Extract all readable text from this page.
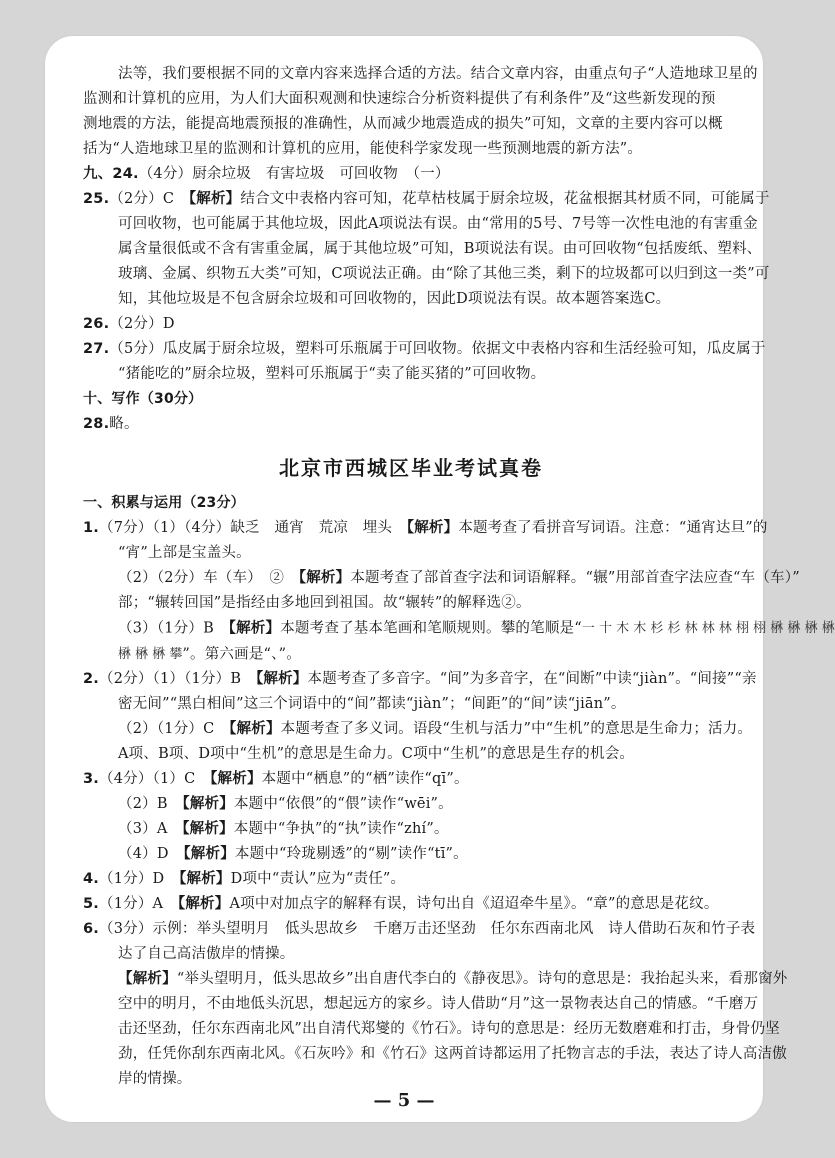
法等，我们要根据不同的文章内容来选择合适的方法。结合文章内容，由重点句子“人造地球卫星的

监测和计算机的应用，为人们大面积观测和快速综合分析资料提供了有利条件”及“这些新发现的预

测地震的方法，能提高地震预报的准确性，从而减少地震造成的损失”可知，文章的主要内容可以概

括为“人造地球卫星的监测和计算机的应用，能使科学家发现一些预测地震的新方法”。

九、24.（4分）厨余垃圾　有害垃圾　可回收物　（一）

25.（2分）C　【解析】结合文中表格内容可知，花草枯枝属于厨余垃圾，花盆根据其材质不同，可能属于

可回收物，也可能属于其他垃圾，因此A项说法有误。由“常用的5号、7号等一次性电池的有害重金

属含量很低或不含有害重金属，属于其他垃圾”可知，B项说法有误。由可回收物“包括废纸、塑料、

玻璃、金属、织物五大类”可知，C项说法正确。由“除了其他三类，剩下的垃圾都可以归到这一类”可

知，其他垃圾是不包含厨余垃圾和可回收物的，因此D项说法有误。故本题答案选C。

26.（2分）D

27.（5分）瓜皮属于厨余垃圾，塑料可乐瓶属于可回收物。依据文中表格内容和生活经验可知，瓜皮属于

“猪能吃的”厨余垃圾，塑料可乐瓶属于“卖了能买猪的”可回收物。

十、写作（30分）

28.略。

北京市西城区毕业考试真卷

一、积累与运用（23分）

1.（7分）（1）（4分）缺乏　通宵　荒凉　埋头　【解析】本题考查了看拼音写词语。注意：“通宵达旦”的

“宵”上部是宝盖头。

（2）（2分）车（车）　②　【解析】本题考查了部首查字法和词语解释。“辗”用部首查字法应查“车（车）”

部；“辗转回国”是指经由多地回到祖国。故“辗转”的解释选②。

（3）（1分）B　【解析】本题考查了基本笔画和笔顺规则。攀的笔顺是“一 十 木 木 杉 杉 林 林 林 栩 栩 楙 楙 楙 楙

楙 楙 楙 攀”。第六画是“、”。

2.（2分）（1）（1分）B　【解析】本题考查了多音字。“间”为多音字，在“间断”中读“jiàn”。“间接”“亲

密无间”“黑白相间”这三个词语中的“间”都读“jiàn”；“间距”的“间”读“jiān”。

（2）（1分）C　【解析】本题考查了多义词。语段“生机与活力”中“生机”的意思是生命力；活力。

A项、B项、D项中“生机”的意思是生命力。C项中“生机”的意思是生存的机会。

3.（4分）（1）C　【解析】本题中“栖息”的“栖”读作“qī”。

（2）B　【解析】本题中“依偎”的“偎”读作“wēi”。

（3）A　【解析】本题中“争执”的“执”读作“zhí”。

（4）D　【解析】本题中“玲珑剔透”的“剔”读作“tī”。

4.（1分）D　【解析】D项中“责认”应为“责任”。

5.（1分）A　【解析】A项中对加点字的解释有误，诗句出自《迢迢牵牛星》。“章”的意思是花纹。

6.（3分）示例：举头望明月　低头思故乡　千磨万击还坚劲　任尔东西南北风　诗人借助石灰和竹子表

达了自己高洁傲岸的情操。

【解析】“举头望明月，低头思故乡”出自唐代李白的《静夜思》。诗句的意思是：我抬起头来，看那窗外

空中的明月，不由地低头沉思，想起远方的家乡。诗人借助“月”这一景物表达自己的情感。“千磨万

击还坚劲，任尔东西南北风”出自清代郑燮的《竹石》。诗句的意思是：经历无数磨难和打击，身骨仍坚

劲，任凭你刮东西南北风。《石灰吟》和《竹石》这两首诗都运用了托物言志的手法，表达了诗人高洁傲

岸的情操。

— 5 —
